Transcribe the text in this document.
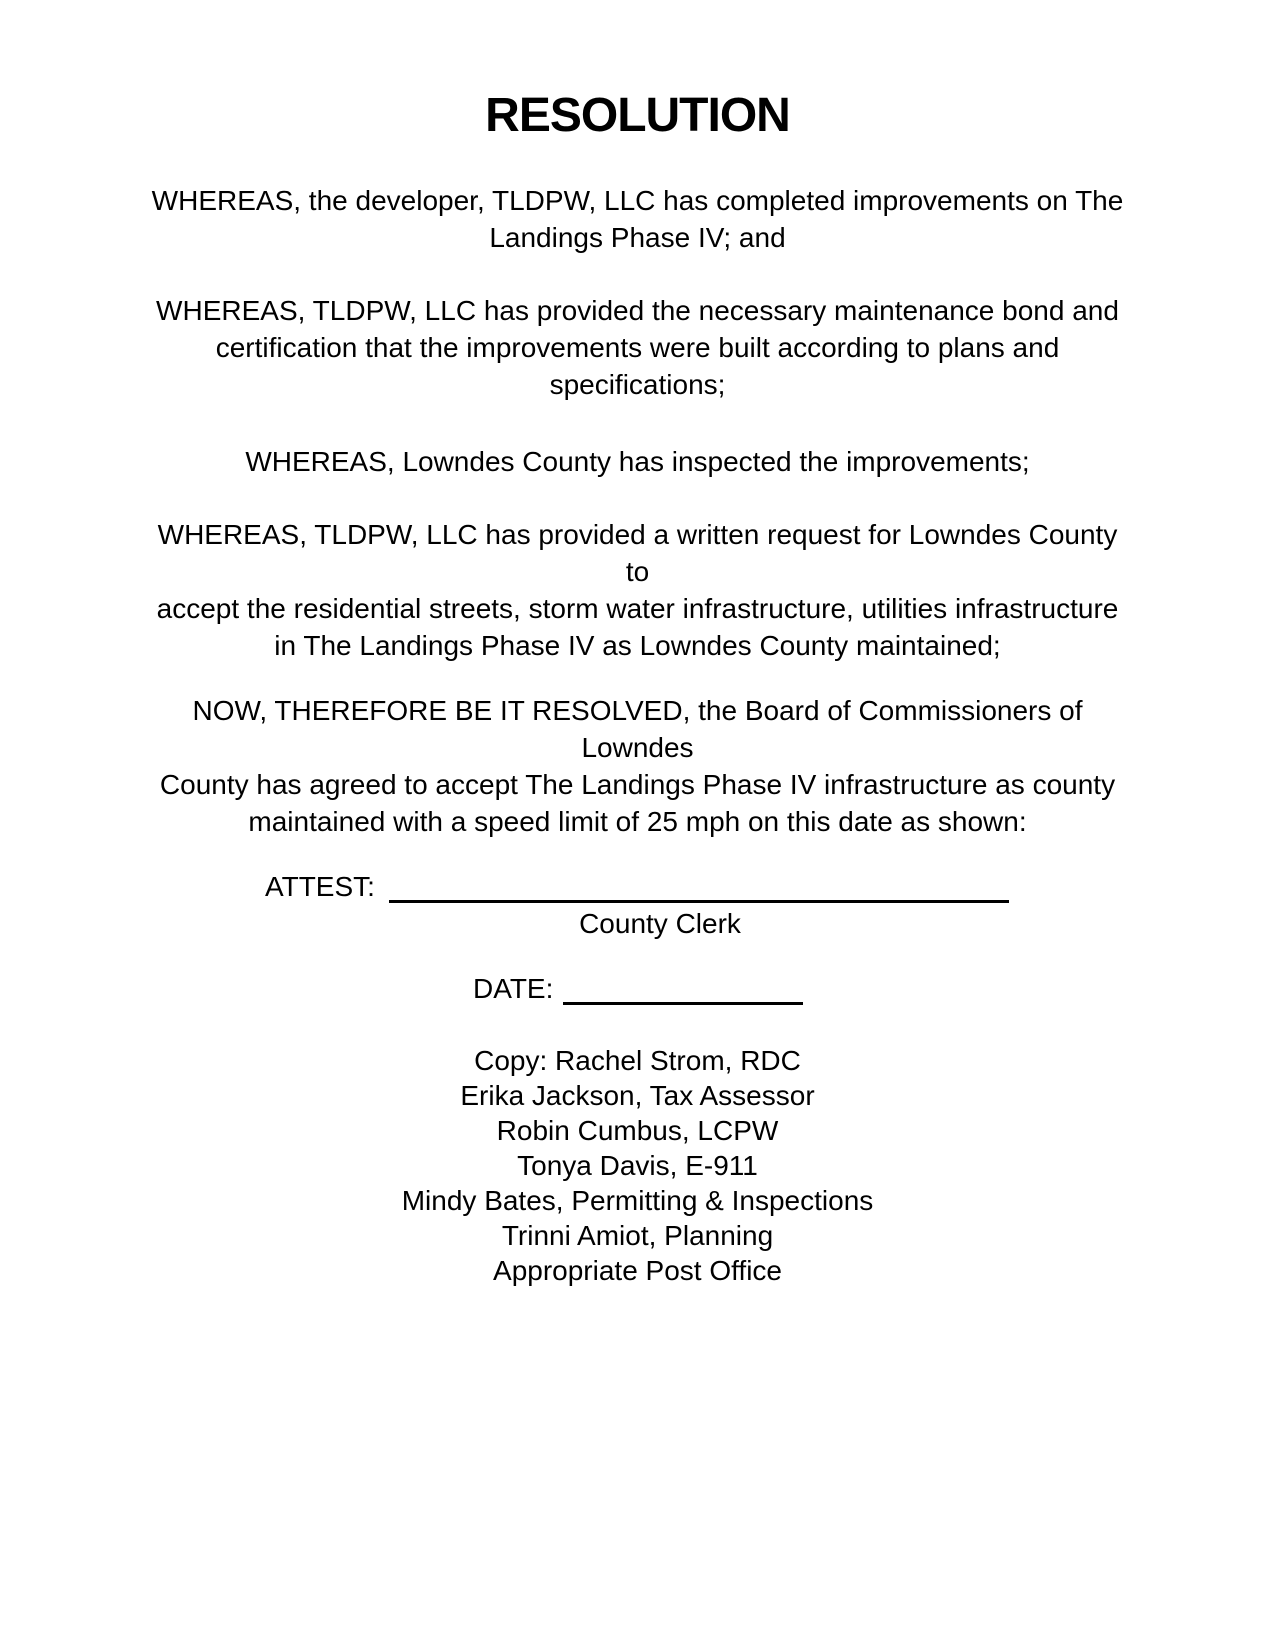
RESOLUTION

WHEREAS, the developer, TLDPW, LLC has completed improvements on The
Landings Phase IV; and

WHEREAS, TLDPW, LLC has provided the necessary maintenance bond and
certification that the improvements were built according to plans and
specifications;

WHEREAS, Lowndes County has inspected the improvements;

WHEREAS, TLDPW, LLC has provided a written request for Lowndes County to
accept the residential streets, storm water infrastructure, utilities infrastructure
in The Landings Phase IV as Lowndes County maintained;

NOW, THEREFORE BE IT RESOLVED, the Board of Commissioners of Lowndes
County has agreed to accept The Landings Phase IV infrastructure as county
maintained with a speed limit of 25 mph on this date as shown:

ATTEST:
County Clerk
DATE:
Copy: Rachel Strom, RDC
Erika Jackson, Tax Assessor
Robin Cumbus, LCPW
Tonya Davis, E-911
Mindy Bates, Permitting & Inspections
Trinni Amiot, Planning
Appropriate Post Office
